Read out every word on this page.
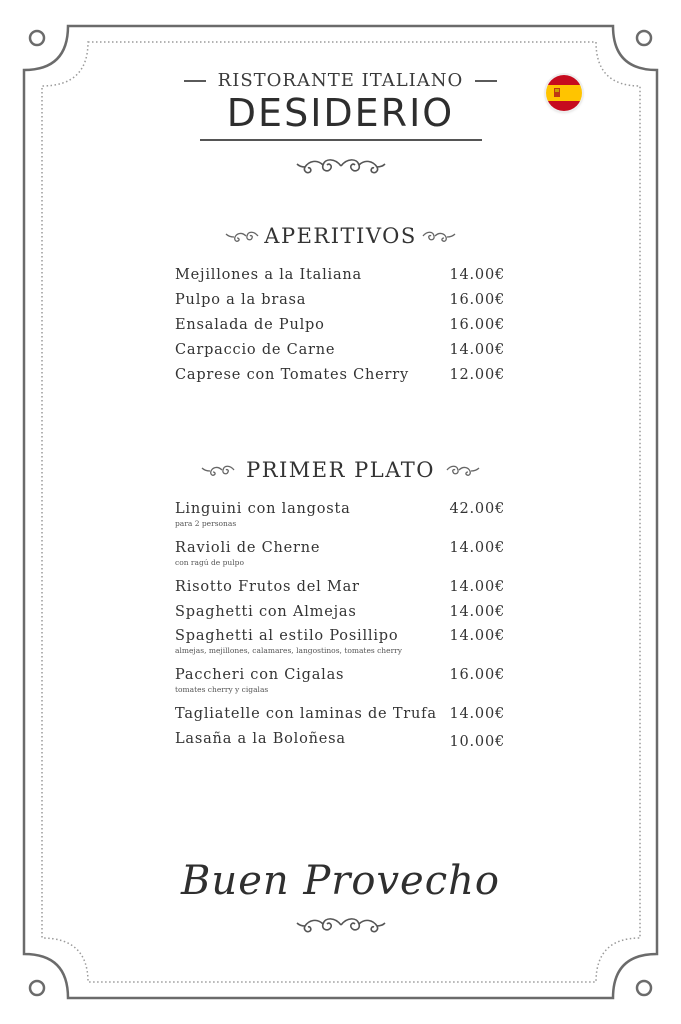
RISTORANTE ITALIANO
DESIDERIO
APERITIVOS
Mejillones a la Italiana	14.00€
Pulpo a la brasa	16.00€
Ensalada de Pulpo	16.00€
Carpaccio de Carne	14.00€
Caprese con Tomates Cherry	12.00€
PRIMER PLATO
Linguini con langosta	42.00€
para 2 personas
Ravioli de Cherne	14.00€
con ragú de pulpo
Risotto Frutos del Mar	14.00€
Spaghetti con Almejas	14.00€
Spaghetti al estilo Posillipo	14.00€
almejas, mejillones, calamares, langostinos, tomates cherry
Paccheri con Cigalas	16.00€
tomates cherry y cigalas
Tagliatelle con laminas de Trufa 14.00€
Lasaña a la Boloñesa	10.00€
Buen Provecho
